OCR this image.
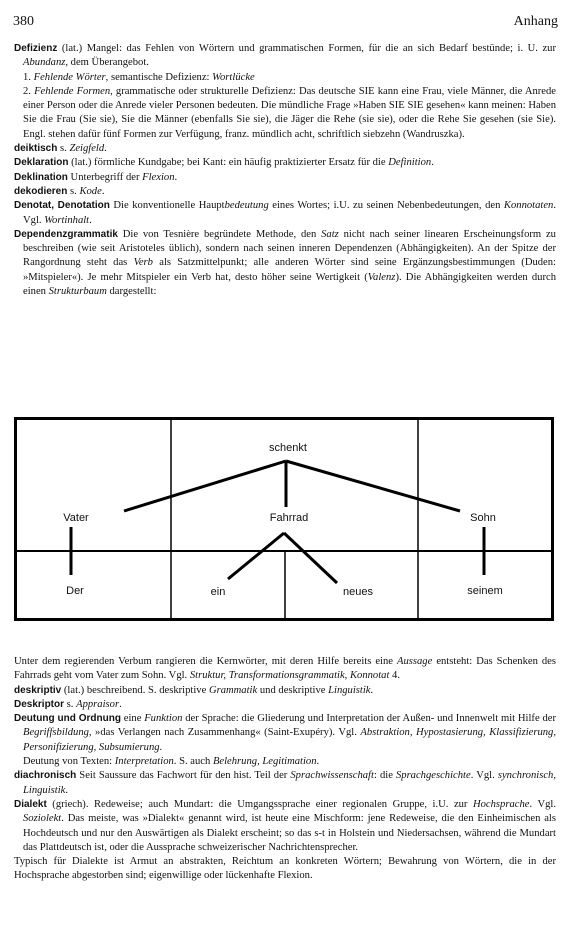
380	Anhang

Defizienz (lat.) Mangel: das Fehlen von Wörtern und grammatischen Formen, für die an sich Bedarf bestünde; i. U. zur Abundanz, dem Überangebot.

1. Fehlende Wörter, semantische Defizienz: Wortlücke

2. Fehlende Formen, grammatische oder strukturelle Defizienz: Das deutsche SIE kann eine Frau, viele Männer, die Anrede einer Person oder die Anrede vieler Personen bedeuten. Die mündliche Frage »Haben SIE SIE gesehen« kann meinen: Haben Sie die Frau (Sie sie), Sie die Männer (ebenfalls Sie sie), die Jäger die Rehe (sie sie), oder die Rehe Sie gesehen (sie Sie). Engl. stehen dafür fünf Formen zur Verfügung, franz. mündlich acht, schriftlich siebzehn (Wandruszka).

deiktisch s. Zeigfeld.

Deklaration (lat.) förmliche Kundgabe; bei Kant: ein häufig praktizierter Ersatz für die Definition.

Deklination Unterbegriff der Flexion.

dekodieren s. Kode.

Denotat, Denotation Die konventionelle Hauptbedeutung eines Wortes; i.U. zu seinen Nebenbedeutungen, den Konnotaten. Vgl. Wortinhalt.

Dependenzgrammatik Die von Tesnière begründete Methode, den Satz nicht nach seiner linearen Erscheinungsform zu beschreiben (wie seit Aristoteles üblich), sondern nach seinen inneren Dependenzen (Abhängigkeiten). An der Spitze der Rangordnung steht das Verb als Satzmittelpunkt; alle anderen Wörter sind seine Ergänzungsbestimmungen (Duden: »Mitspieler«). Je mehr Mitspieler ein Verb hat, desto höher seine Wertigkeit (Valenz). Die Abhängigkeiten werden durch einen Strukturbaum dargestellt:

schenkt
Vater	Fahrrad	Sohn
Der	ein	neues	seinem

Unter dem regierenden Verbum rangieren die Kernwörter, mit deren Hilfe bereits eine Aussage entsteht: Das Schenken des Fahrrads geht vom Vater zum Sohn. Vgl. Struktur, Transformationsgrammatik, Konnotat 4.

deskriptiv (lat.) beschreibend. S. deskriptive Grammatik und deskriptive Linguistik.

Deskriptor s. Appraisor.

Deutung und Ordnung eine Funktion der Sprache: die Gliederung und Interpretation der Außen- und Innenwelt mit Hilfe der Begriffsbildung, »das Verlangen nach Zusammenhang« (Saint-Exupéry). Vgl. Abstraktion, Hypostasierung, Klassifizierung, Personifizierung, Subsumierung.

Deutung von Texten: Interpretation. S. auch Belehrung, Legitimation.

diachronisch Seit Saussure das Fachwort für den hist. Teil der Sprachwissenschaft: die Sprachgeschichte. Vgl. synchronisch, Linguistik.

Dialekt (griech). Redeweise; auch Mundart: die Umgangssprache einer regionalen Gruppe, i.U. zur Hochsprache. Vgl. Soziolekt. Das meiste, was »Dialekt« genannt wird, ist heute eine Mischform: jene Redeweise, die den Einheimischen als Hochdeutsch und nur den Auswärtigen als Dialekt erscheint; so das s-t in Holstein und Niedersachsen, während die Mundart das Plattdeutsch ist, oder die Aussprache schweizerischer Nachrichtensprecher.

Typisch für Dialekte ist Armut an abstrakten, Reichtum an konkreten Wörtern; Bewahrung von Wörtern, die in der Hochsprache abgestorben sind; eigenwillige oder lückenhafte Flexion.
